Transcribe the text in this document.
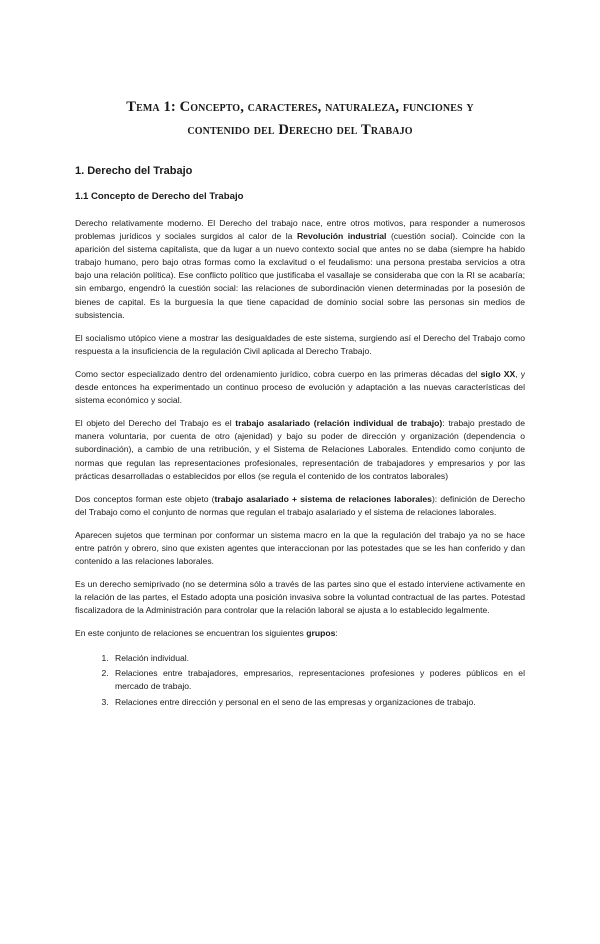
Tema 1: Concepto, caracteres, naturaleza, funciones y
contenido del Derecho del Trabajo
1. Derecho del Trabajo
1.1 Concepto de Derecho del Trabajo

Derecho relativamente moderno. El Derecho del trabajo nace, entre otros motivos, para responder a numerosos problemas jurídicos y sociales surgidos al calor de la Revolución industrial (cuestión social). Coincide con la aparición del sistema capitalista, que da lugar a un nuevo contexto social que antes no se daba (siempre ha habido trabajo humano, pero bajo otras formas como la exclavitud o el feudalismo: una persona prestaba servicios a otra bajo una relación política). Ese conflicto político que justificaba el vasallaje se consideraba que con la RI se acabaría; sin embargo, engendró la cuestión social: las relaciones de subordinación vienen determinadas por la posesión de bienes de capital. Es la burguesía la que tiene capacidad de dominio social sobre las personas sin medios de subsistencia.

El socialismo utópico viene a mostrar las desigualdades de este sistema, surgiendo así el Derecho del Trabajo como respuesta a la insuficiencia de la regulación Civil aplicada al Derecho Trabajo.

Como sector especializado dentro del ordenamiento jurídico, cobra cuerpo en las primeras décadas del siglo XX, y desde entonces ha experimentado un continuo proceso de evolución y adaptación a las nuevas características del sistema económico y social.

El objeto del Derecho del Trabajo es el trabajo asalariado (relación individual de trabajo): trabajo prestado de manera voluntaria, por cuenta de otro (ajenidad) y bajo su poder de dirección y organización (dependencia o subordinación), a cambio de una retribución, y el Sistema de Relaciones Laborales. Entendido como conjunto de normas que regulan las representaciones profesionales, representación de trabajadores y empresarios y por las prácticas desarrolladas o establecidos por ellos (se regula el contenido de los contratos laborales)

Dos conceptos forman este objeto (trabajo asalariado + sistema de relaciones laborales): definición de Derecho del Trabajo como el conjunto de normas que regulan el trabajo asalariado y el sistema de relaciones laborales.

Aparecen sujetos que terminan por conformar un sistema macro en la que la regulación del trabajo ya no se hace entre patrón y obrero, sino que existen agentes que interaccionan por las potestades que se les han conferido y dan contenido a las relaciones laborales.

Es un derecho semiprivado (no se determina sólo a través de las partes sino que el estado interviene activamente en la relación de las partes, el Estado adopta una posición invasiva sobre la voluntad contractual de las partes. Potestad fiscalizadora de la Administración para controlar que la relación laboral se ajusta a lo establecido legalmente.

En este conjunto de relaciones se encuentran los siguientes grupos:

1. Relación individual.
2. Relaciones entre trabajadores, empresarios, representaciones profesiones y poderes públicos en el mercado de trabajo.
3. Relaciones entre dirección y personal en el seno de las empresas y organizaciones de trabajo.
